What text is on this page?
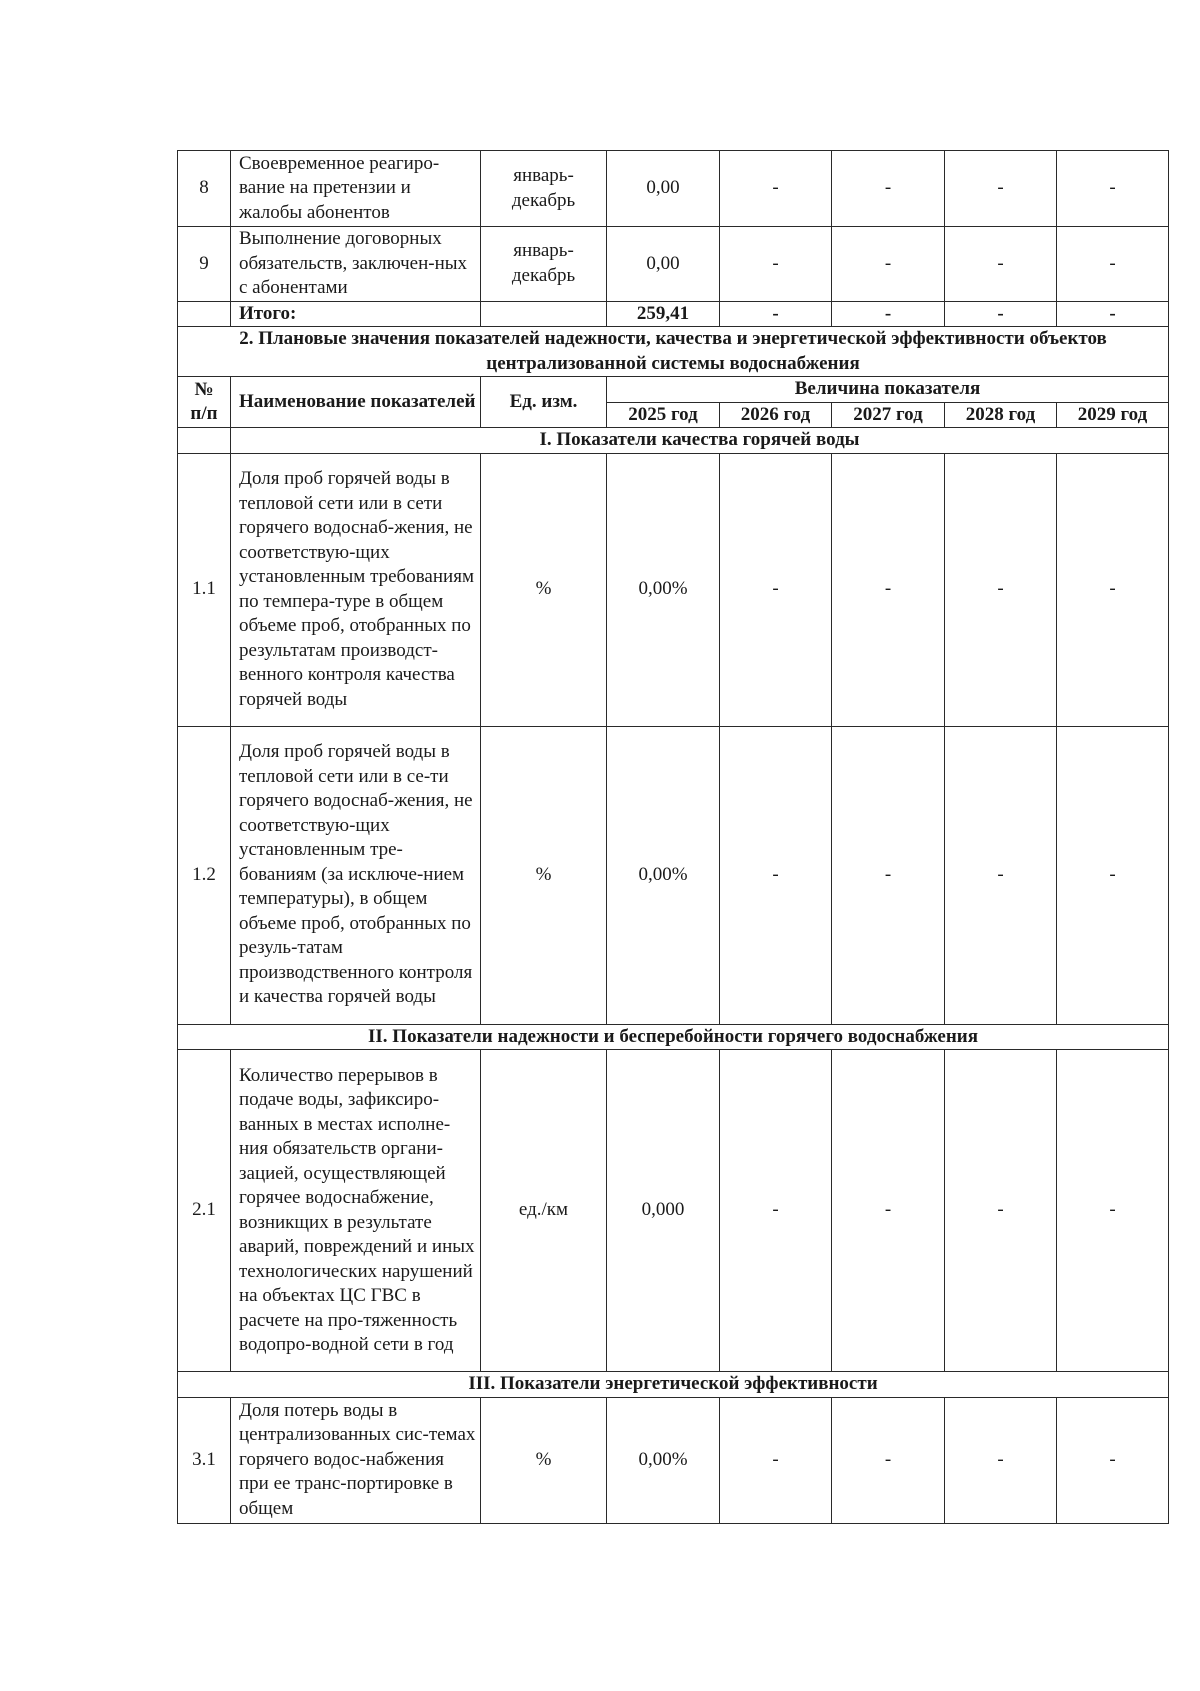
8	Своевременное реагиро-вание на претензии и жалобы абонентов	январь-декабрь	0,00	-	-	-	-
9	Выполнение договорных обязательств, заключен-ных с абонентами	январь-декабрь	0,00	-	-	-	-
	Итого:		259,41	-	-	-	-
2. Плановые значения показателей надежности, качества и энергетической эффективности объектов централизованной системы водоснабжения							
№ п/п	Наименование показателей	Ед. изм.	Величина показателя				
			2025 год	2026 год	2027 год	2028 год	2029 год
	I. Показатели качества горячей воды						
1.1	Доля проб горячей воды в тепловой сети или в сети горячего водоснаб-жения, не соответствую-щих установленным требованиям по темпера-туре в общем объеме проб, отобранных по результатам производст-венного контроля качества горячей воды	%	0,00%	-	-	-	-
1.2	Доля проб горячей воды в тепловой сети или в се-ти горячего водоснаб-жения, не соответствую-щих установленным тре-бованиям (за исключе-нием температуры), в общем объеме проб, отобранных по резуль-татам производственного контроля и качества горячей воды	%	0,00%	-	-	-	-
II. Показатели надежности и бесперебойности горячего водоснабжения							
2.1	Количество перерывов в подаче воды, зафиксиро-ванных в местах исполне-ния обязательств органи-зацией, осуществляющей горячее водоснабжение, возникщих в результате аварий, повреждений и иных технологических нарушений на объектах ЦС ГВС в расчете на про-тяженность водопро-водной сети в год	ед./км	0,000	-	-	-	-
III. Показатели энергетической эффективности							
3.1	Доля потерь воды в централизованных сис-темах горячего водос-набжения при ее транс-портировке в общем	%	0,00%	-	-	-	-
